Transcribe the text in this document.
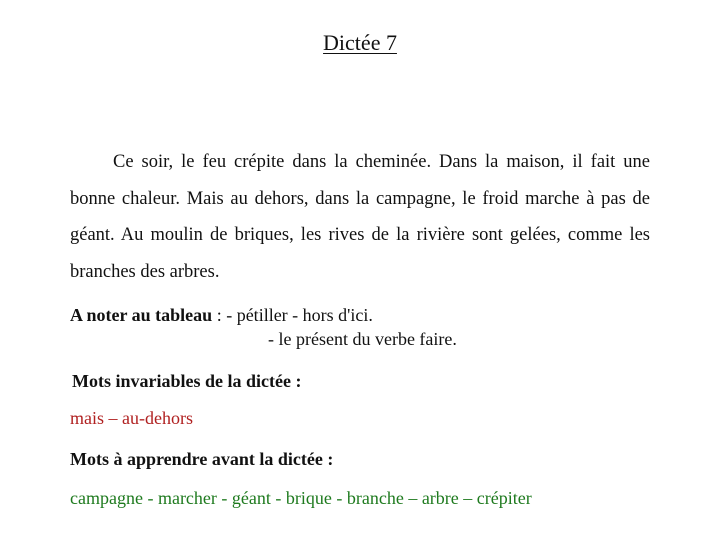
Dictée 7

Ce soir, le feu crépite dans la cheminée. Dans la maison, il fait une bonne chaleur. Mais au dehors, dans la campagne, le froid marche à pas de géant. Au moulin de briques, les rives de la rivière sont gelées, comme les branches des arbres.

A noter au tableau : - pétiller - hors d'ici.
- le présent du verbe faire.
Mots invariables de la dictée :
mais – au-dehors
Mots à apprendre avant la dictée :
campagne - marcher - géant - brique - branche – arbre – crépiter
